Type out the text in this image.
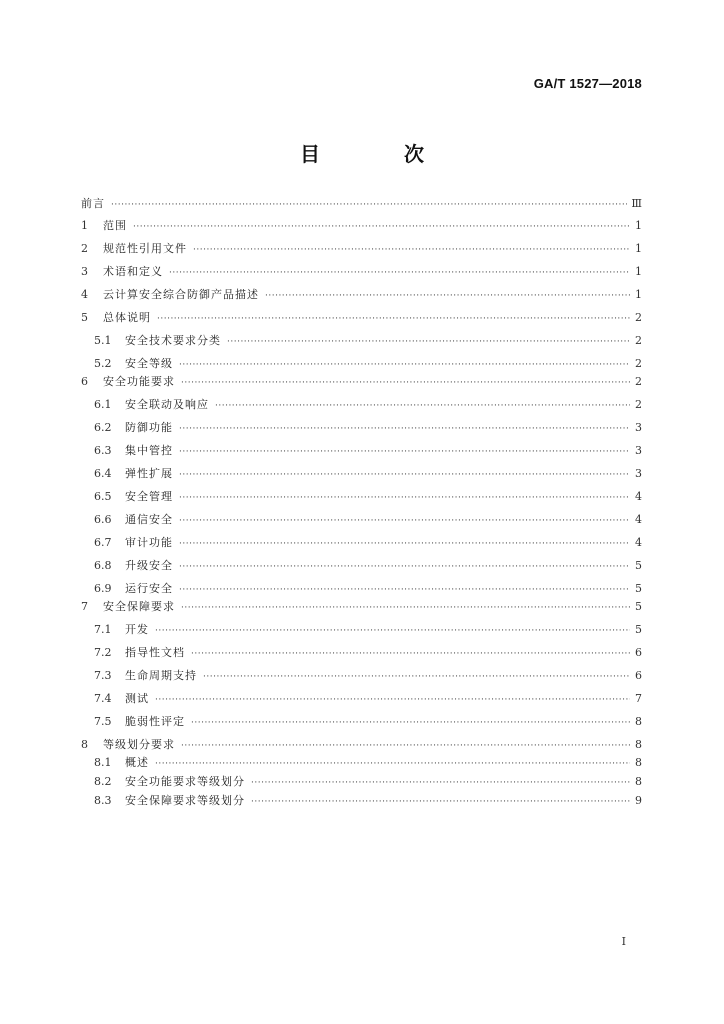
GA/T 1527—2018
目　次
前言 ·····	Ⅲ
1	范围 ·····	1
2	规范性引用文件 ·····	1
3	术语和定义 ·····	1
4	云计算安全综合防御产品描述 ·····	1
5	总体说明 ·····	2
5.1	安全技术要求分类 ·····	2
5.2	安全等级 ·····	2
6	安全功能要求 ·····	2
6.1	安全联动及响应 ·····	2
6.2	防御功能 ·····	3
6.3	集中管控 ·····	3
6.4	弹性扩展 ·····	3
6.5	安全管理 ·····	4
6.6	通信安全 ·····	4
6.7	审计功能 ·····	4
6.8	升级安全 ·····	5
6.9	运行安全 ·····	5
7	安全保障要求 ·····	5
7.1	开发 ·····	5
7.2	指导性文档 ·····	6
7.3	生命周期支持 ·····	6
7.4	测试 ·····	7
7.5	脆弱性评定 ·····	8
8	等级划分要求 ·····	8
8.1	概述 ·····	8
8.2	安全功能要求等级划分 ·····	8
8.3	安全保障要求等级划分 ·····	9
I
